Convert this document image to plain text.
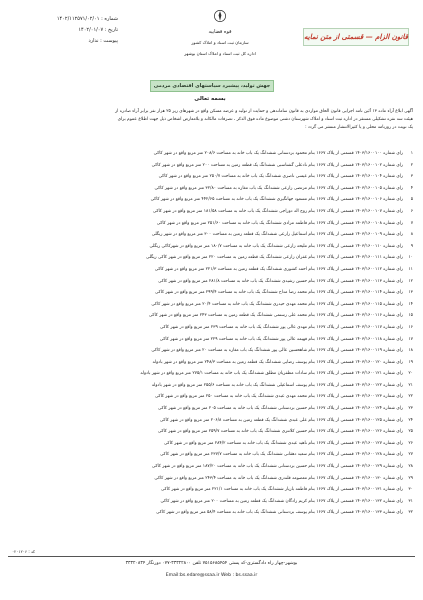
شماره : ۱۴۰۲/۱۱۲۵۷۱/۰۲/۰۱
تاریخ : ۱۴۰۲/۰۱/۰۷
پیوست : ندارد
قوه قضاییه
سازمان ثبت اسناد و املاک کشور
اداره کل ثبت اسناد و املاک استان بوشهر
قانون الزام — قسمتی از متن نمایه
جهش تولید، پیشبرد سیاستهای اقتصادی مردمی
بسمه تعالی
آگهی ابلاغ آراء ماده ۱۳ آئین نامه اجرایی قانون الحاق مواردی به قانون ساماندهی و حمایت از تولید و عرضه مسکن واقع در شهرهای زیر ۲۵ هزار نفر برابر آراء صادره از
هیئت سه نفره تشکیلی مستقر در اداره ثبت اسناد و املاک شهرستان دشتی موضوع ماده فوق الذکر ، تصرفات مالکانه و بلامعارض اشخاص ذیل جهت اطلاع عموم برای
یک نوبت در روزنامه محلی و یا کثیرالانتشار منتشر می گردد :
۱
رای شماره ۱۴۰۳/۱۶۰۰۱۰۰ قسمتی از پلاک ۱۶۶۷ بنام محمود بردستانی ششدانگ یک باب خانه به مساحت ۲۰۸/۶ متر مربع واقع در شهر کاکی
۲
رای شماره ۱۴۰۳/۱۶۰۰۱۰۲ قسمتی از پلاک ۱۶۶۷ بنام نادعلی گشتاسبی ششدانگ یک قطعه زمین به مساحت ۲۰۰ متر مربع واقع در شهر کاکی
۳
رای شماره ۱۴۰۳/۱۶۰۰۱۰۴ قسمتی از پلاک ۱۶۶۷ بنام عیسی ناصری ششدانگ یک باب خانه به مساحت ۲۵۰/۷ متر مربع واقع در شهر کاکی
۴
رای شماره ۱۴۰۳/۱۶۰۰۱۰۵ قسمتی از پلاک ۱۶۶۷ بنام مرتضی زارعی ششدانگ یک باب مغازه به مساحت ۳۲/۸۰ متر مربع واقع در شهر کاکی
۵
رای شماره ۱۴۰۳/۱۶۰۰۱۰۶ قسمتی از پلاک ۱۶۶۷ بنام مسعود جهانگیری ششدانگ یک باب خانه به مساحت ۴۴۲/۶۵ متر مربع واقع در شهر کاکی
۶
رای شماره ۱۴۰۳/۱۶۰۰۱۰۷ قسمتی از پلاک ۱۶۶۷ بنام زوج اله دوراجی ششدانگ یک باب خانه به مساحت ۱۸۱/۵۸ متر مربع واقع در شهر کاکی
۷
رای شماره ۱۴۰۳/۱۶۰۰۱۰۸ قسمتی از پلاک ۱۶۶۷ بنام فاطمه مرادی ششدانگ یک باب خانه به مساحت ۲۵۱/۶۰ متر مربع واقع در شهر کاکی
۸
رای شماره ۱۴۰۳/۱۶۰۰۱۰۹ قسمتی از پلاک ۱۶۶۷ بنام اسماعیل زارعی ششدانگ یک قطعه زمین به مساحت ۳۰۰ متر مربع واقع در شهر ریگلی
۹
رای شماره ۱۴۰۳/۱۶۰۰۱۱۰ قسمتی از پلاک ۱۶۶۷ بنام ملیحه زارعی ششدانگ یک باب خانه به مساحت ۱۸۰/۷ متر مربع واقع در شهرکاکی ریگلی
۱۰
رای شماره ۱۴۰۳/۱۶۰۰۱۱۱ قسمتی از پلاک ۱۶۶۷ بنام غفران زارعی ششدانگ یک قطعه زمین به مساحت ۲۲۰ متر مربع واقع در شهر کاکی ریگلی
۱۱
رای شماره ۱۴۰۳/۱۶۰۰۱۱۲ قسمتی از پلاک ۱۶۶۷ بنام احمد کشوری ششدانگ یک قطعه زمین به مساحت ۲۲۱/۳ متر مربع واقع در شهر کاکی
۱۲
رای شماره ۱۴۰۳/۱۶۰۰۱۱۳ قسمتی از پلاک ۱۶۶۷ بنام حسین رشیدی ششدانگ یک باب خانه به مساحت ۲۸۱/۸ متر مربع واقع در شهر کاکی
۱۳
رای شماره ۱۴۰۳/۱۶۰۰۱۱۴ قسمتی از پلاک ۱۶۶۷ بنام محمد رضا مداح ششدانگ یک باب خانه به مساحت ۲۹۹/۴ متر مربع واقع در شهر کاکی
۱۴
رای شماره ۱۴۰۳/۱۶۰۰۱۱۵ قسمتی از پلاک ۱۶۶۷ بنام محمد مهدی حیدری ششدانگ یک باب خانه به مساحت ۲۰/۴ متر مربع واقع در شهر کاکی
۱۵
رای شماره ۱۴۰۳/۱۶۰۰۱۱۶ قسمتی از پلاک ۱۶۶۷ بنام محمد علی رستمی ششدانگ یک قطعه زمین به مساحت ۲۴۳ متر مربع واقع در شهر کاکی
۱۶
رای شماره ۱۴۰۳/۱۶۰۰۱۱۷ قسمتی از پلاک ۱۶۶۷ بنام مهدی عالی پور ششدانگ یک باب خانه به مساحت ۲۳۹ متر مربع واقع در شهر کاکی
۱۷
رای شماره ۱۴۰۳/۱۶۰۰۱۱۸ قسمتی از پلاک ۱۶۶۷ بنام فهیمه عالی پور ششدانگ یک باب خانه به مساحت ۲۲۹ متر مربع واقع در شهر کاکی
۱۸
رای شماره ۱۴۰۳/۱۶۰۰۱۱۹ قسمتی از پلاک ۱۶۶۷ بنام شاهحسین عالی پور ششدانگ یک باب مغازه به مساحت ۲۰ متر مربع واقع در شهر کاکی
۱۹
رای شماره ۱۴۰۳/۱۶۰۰۱۲۰ قسمتی از پلاک ۱۶۶۷ بنام یوسف رضایی ششدانگ یک قطعه زمین به مساحت ۲۴۸/۳ متر مربع واقع در شهر بادوله
۲۰
رای شماره ۱۴۰۳/۱۶۰۰۱۲۱ قسمتی از پلاک ۱۶۶۷ بنام سادات مظفریان مطلق ششدانگ یک باب خانه به مساحت ۲۷۵/۱ متر مربع واقع در شهر بادوله
۲۱
رای شماره ۱۴۰۳/۱۶۰۰۱۲۲ قسمتی از پلاک ۱۶۶۷ بنام یوسف اسماعیلی ششدانگ یک باب خانه به مساحت ۲۵۵/۶ متر مربع واقع در شهر بادوله
۲۲
رای شماره ۱۴۰۳/۱۶۰۰۱۲۳ قسمتی از پلاک ۱۶۶۷ بنام محمد مهدی عبدی ششدانگ یک باب خانه به مساحت ۲۵۰ متر مربع واقع در شهر کاکی
۲۳
رای شماره ۱۴۰۳/۱۶۰۰۱۲۴ قسمتی از پلاک ۱۶۶۷ بنام حسین بردستانی ششدانگ یک باب خانه به مساحت ۲۰۵ متر مربع واقع در شهر کاکی
۲۴
رای شماره ۱۴۰۳/۱۶۰۰۱۲۵ قسمتی از پلاک ۱۶۶۷ بنام علی عبدی ششدانگ یک قطعه زمین به مساحت ۲۰۶/۸ متر مربع واقع در شهر کاکی
۲۵
رای شماره ۱۴۰۳/۱۶۰۰۱۲۶ قسمتی از پلاک ۱۶۶۷ بنام حسین کلانتری ششدانگ یک باب خانه به مساحت ۲۵۹/۷ متر مربع واقع در شهر کاکی
۲۶
رای شماره ۱۴۰۳/۱۶۰۰۱۲۷ قسمتی از پلاک ۱۶۶۷ بنام ناهید عبدی ششدانگ یک باب خانه به مساحت ۲۸۴/۲ متر مربع واقع در شهر کاکی
۲۷
رای شماره ۱۴۰۳/۱۶۰۰۱۲۸ قسمتی از پلاک ۱۶۶۷ بنام سعید دهقانی ششدانگ یک باب خانه به مساحت ۲۳۷/۷ متر مربع واقع در شهر کاکی
۲۸
رای شماره ۱۴۰۳/۱۶۰۰۱۲۹ قسمتی از پلاک ۱۶۶۷ بنام حسین بردستانی ششدانگ یک باب خانه به مساحت ۱۸۷/۲۰ متر مربع واقع در شهر کاکی
۲۹
رای شماره ۱۴۰۳/۱۶۰۰۱۳۰ قسمتی از پلاک ۱۶۶۷ بنام معصومه قلندری ششدانگ یک باب خانه به مساحت ۲۴۳/۴ متر مربع واقع در شهر کاکی
۳۰
رای شماره ۱۴۰۳/۱۶۰۰۱۳۱ قسمتی از پلاک ۱۶۶۷ بنام فاطمه بازیار ششدانگ یک باب خانه به مساحت ۲۲۱/۱ متر مربع واقع در شهر کاکی
۳۱
رای شماره ۱۴۰۳/۱۶۰۰۱۳۲ قسمتی از پلاک ۱۶۶۷ بنام کریم زادگان ششدانگ یک قطعه زمین به مساحت ۲۰۰ متر مربع واقع در شهر کاکی
۳۲
رای شماره ۱۴۰۳/۱۶۰۰۱۳۳ قسمتی از پلاک ۱۶۶۷ بنام یوسف بردستانی ششدانگ یک باب خانه به مساحت ۵۸/۴ متر مربع واقع در شهر کاکی
کد : ۰۲۰۱۲۰۶
بوشهر-چهار راه دادگستری-کد پستی ۷۵۱۵۶۸۵۴۵۴ تلفن ۳۳۳۲۲۸۰۰-۰۷۷ دورنگار ۳۳۳۲۰۸۳۴
Email:bs.edare@ssaa.ir Web : bs.ssaa.ir
